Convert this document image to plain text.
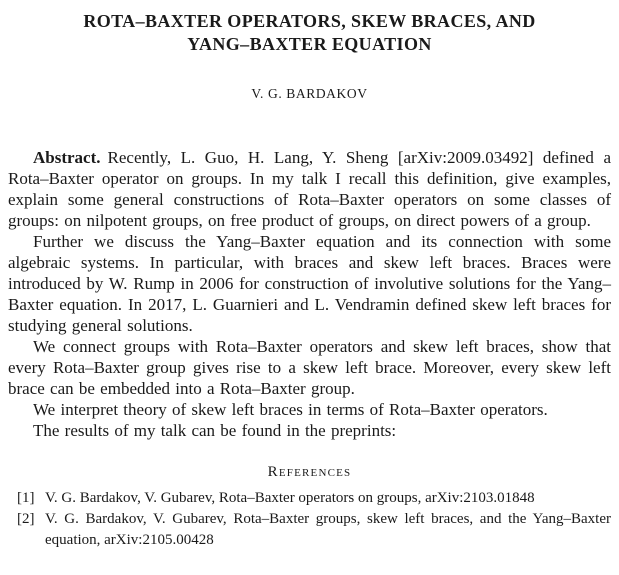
ROTA–BAXTER OPERATORS, SKEW BRACES, AND
YANG–BAXTER EQUATION
V. G. BARDAKOV

Abstract. Recently, L. Guo, H. Lang, Y. Sheng [arXiv:2009.03492] defined a Rota–Baxter operator on groups. In my talk I recall this definition, give examples, explain some general constructions of Rota–Baxter operators on some classes of groups: on nilpotent groups, on free product of groups, on direct powers of a group.

Further we discuss the Yang–Baxter equation and its connection with some algebraic systems. In particular, with braces and skew left braces. Braces were introduced by W. Rump in 2006 for construction of involutive solutions for the Yang–Baxter equation. In 2017, L. Guarnieri and L. Vendramin defined skew left braces for studying general solutions.

We connect groups with Rota–Baxter operators and skew left braces, show that every Rota–Baxter group gives rise to a skew left brace. Moreover, every skew left brace can be embedded into a Rota–Baxter group.

We interpret theory of skew left braces in terms of Rota–Baxter operators.

The results of my talk can be found in the preprints:

References
[1] V. G. Bardakov, V. Gubarev, Rota–Baxter operators on groups, arXiv:2103.01848
[2] V. G. Bardakov, V. Gubarev, Rota–Baxter groups, skew left braces, and the Yang–Baxter equation, arXiv:2105.00428
